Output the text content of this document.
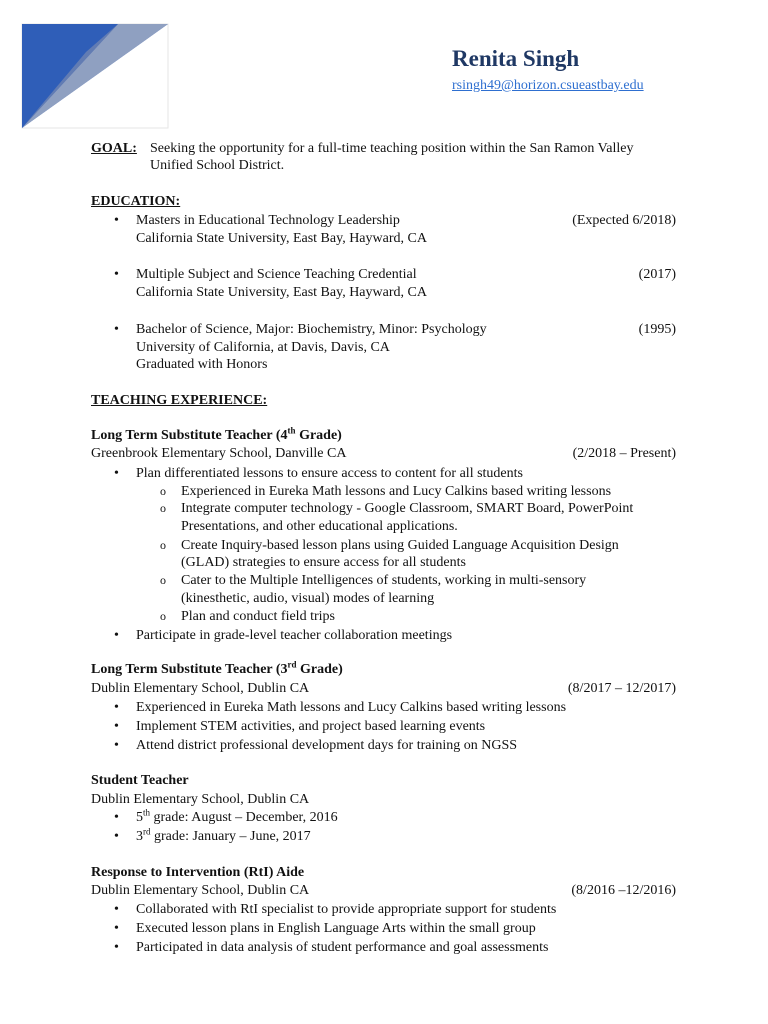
Renita Singh
rsingh49@horizon.csueastbay.edu
GOAL: Seeking the opportunity for a full-time teaching position within the San Ramon Valley
Unified School District.
EDUCATION:
• Masters in Educational Technology Leadership	(Expected 6/2018)
California State University, East Bay, Hayward, CA
• Multiple Subject and Science Teaching Credential	(2017)
California State University, East Bay, Hayward, CA
• Bachelor of Science, Major: Biochemistry, Minor: Psychology	(1995)
University of California, at Davis, Davis, CA
Graduated with Honors
TEACHING EXPERIENCE:
Long Term Substitute Teacher (4th Grade)
Greenbrook Elementary School, Danville CA	(2/2018 – Present)
• Plan differentiated lessons to ensure access to content for all students
o Experienced in Eureka Math lessons and Lucy Calkins based writing lessons
o Integrate computer technology - Google Classroom, SMART Board, PowerPoint
Presentations, and other educational applications.
o Create Inquiry-based lesson plans using Guided Language Acquisition Design
(GLAD) strategies to ensure access for all students
o Cater to the Multiple Intelligences of students, working in multi-sensory
(kinesthetic, audio, visual) modes of learning
o Plan and conduct field trips
• Participate in grade-level teacher collaboration meetings
Long Term Substitute Teacher (3rd Grade)
Dublin Elementary School, Dublin CA	(8/2017 – 12/2017)
• Experienced in Eureka Math lessons and Lucy Calkins based writing lessons
• Implement STEM activities, and project based learning events
• Attend district professional development days for training on NGSS
Student Teacher
Dublin Elementary School, Dublin CA
• 5th grade: August – December, 2016
• 3rd grade: January – June, 2017
Response to Intervention (RtI) Aide
Dublin Elementary School, Dublin CA	(8/2016 –12/2016)
• Collaborated with RtI specialist to provide appropriate support for students
• Executed lesson plans in English Language Arts within the small group
• Participated in data analysis of student performance and goal assessments
